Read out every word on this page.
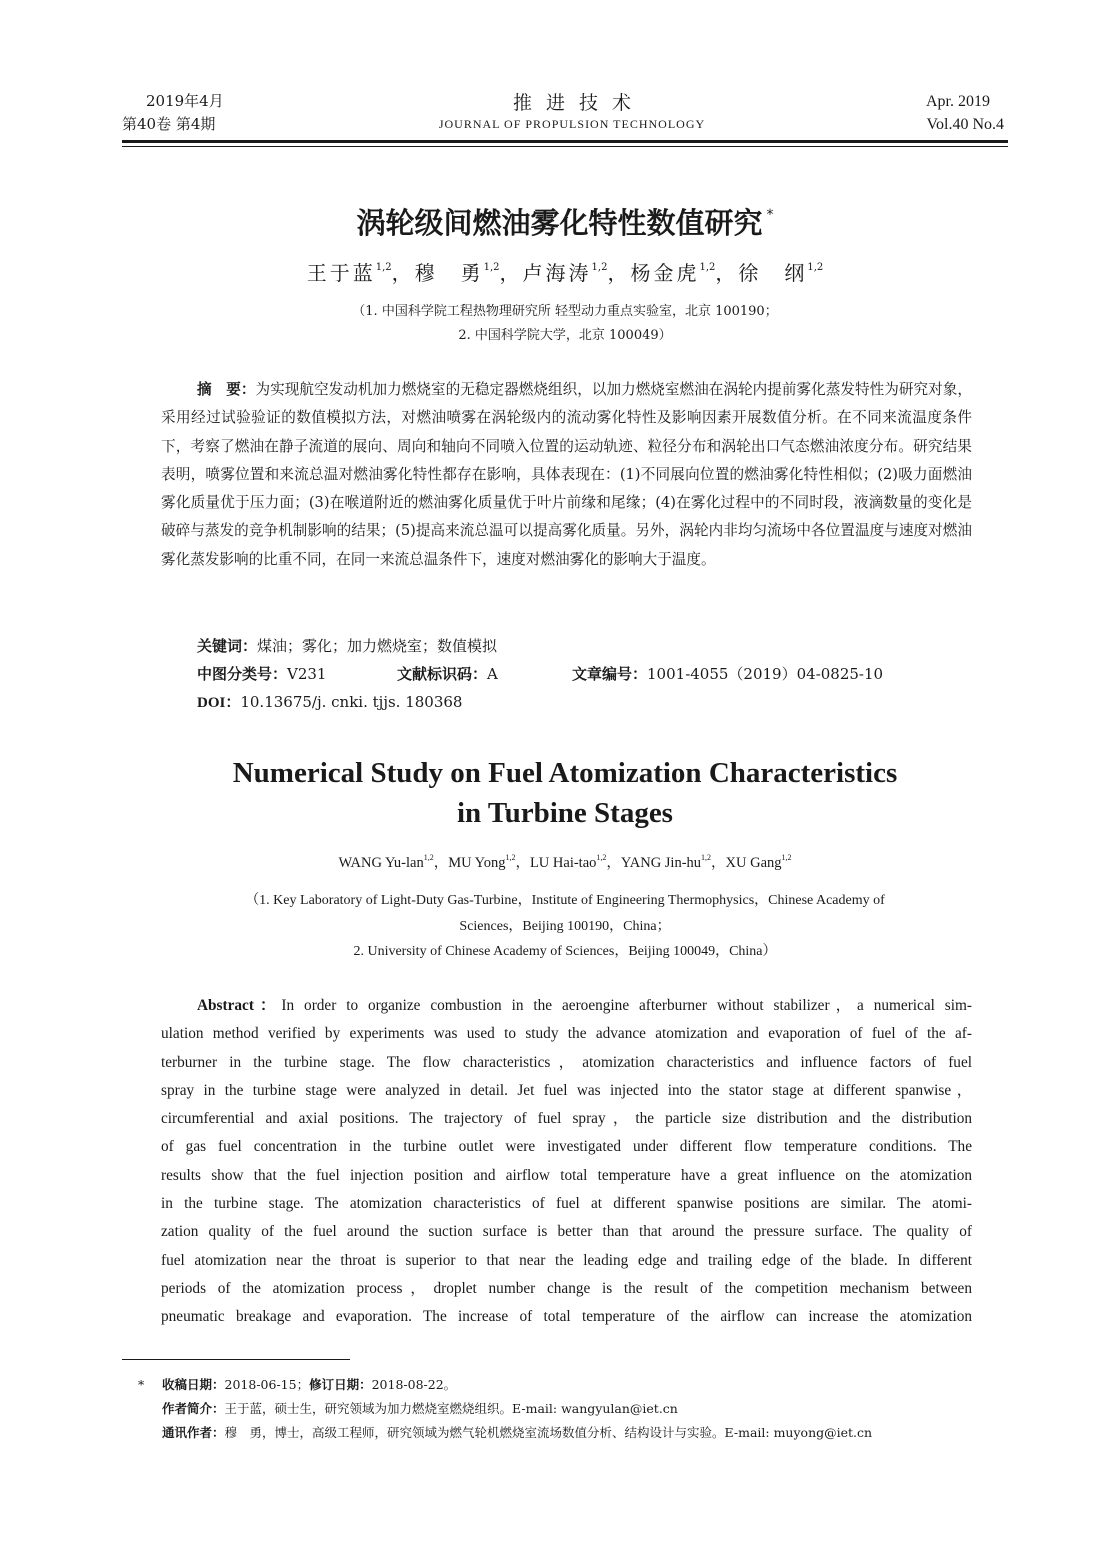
2019年4月
第40卷 第4期
推进技术
JOURNAL OF PROPULSION TECHNOLOGY
Apr. 2019
Vol.40 No.4
涡轮级间燃油雾化特性数值研究 *
王于蓝$^{1,2}$，穆　勇$^{1,2}$，卢海涛$^{1,2}$，杨金虎$^{1,2}$，徐　纲$^{1,2}$
（1. 中国科学院工程热物理研究所 轻型动力重点实验室，北京 100190；
2. 中国科学院大学，北京 100049）
摘　要：为实现航空发动机加力燃烧室的无稳定器燃烧组织，以加力燃烧室燃油在涡轮内提前雾化蒸发特性为研究对象，采用经过试验验证的数值模拟方法，对燃油喷雾在涡轮级内的流动雾化特性及影响因素开展数值分析。在不同来流温度条件下，考察了燃油在静子流道的展向、周向和轴向不同喷入位置的运动轨迹、粒径分布和涡轮出口气态燃油浓度分布。研究结果表明，喷雾位置和来流总温对燃油雾化特性都存在影响，具体表现在：(1)不同展向位置的燃油雾化特性相似；(2)吸力面燃油雾化质量优于压力面；(3)在喉道附近的燃油雾化质量优于叶片前缘和尾缘；(4)在雾化过程中的不同时段，液滴数量的变化是破碎与蒸发的竞争机制影响的结果；(5)提高来流总温可以提高雾化质量。另外，涡轮内非均匀流场中各位置温度与速度对燃油雾化蒸发影响的比重不同，在同一来流总温条件下，速度对燃油雾化的影响大于温度。
关键词：煤油；雾化；加力燃烧室；数值模拟
中图分类号：V231	文献标识码：A	文章编号：1001-4055（2019）04-0825-10
DOI：10.13675/j. cnki. tjjs. 180368
Numerical Study on Fuel Atomization Characteristics
in Turbine Stages
WANG Yu-lan$^{1,2}$，MU Yong$^{1,2}$，LU Hai-tao$^{1,2}$，YANG Jin-hu$^{1,2}$，XU Gang$^{1,2}$
（1. Key Laboratory of Light-Duty Gas-Turbine，Institute of Engineering Thermophysics，Chinese Academy of
Sciences，Beijing 100190，China；
2. University of Chinese Academy of Sciences，Beijing 100049，China）
Abstract：In order to organize combustion in the aeroengine afterburner without stabilizer，a numerical sim-
ulation method verified by experiments was used to study the advance atomization and evaporation of fuel of the af-
terburner in the turbine stage. The flow characteristics，atomization characteristics and influence factors of fuel
spray in the turbine stage were analyzed in detail. Jet fuel was injected into the stator stage at different spanwise，
circumferential and axial positions. The trajectory of fuel spray，the particle size distribution and the distribution
of gas fuel concentration in the turbine outlet were investigated under different flow temperature conditions. The
results show that the fuel injection position and airflow total temperature have a great influence on the atomization
in the turbine stage. The atomization characteristics of fuel at different spanwise positions are similar. The atomi-
zation quality of the fuel around the suction surface is better than that around the pressure surface. The quality of
fuel atomization near the throat is superior to that near the leading edge and trailing edge of the blade. In different
periods of the atomization process，droplet number change is the result of the competition mechanism between
pneumatic breakage and evaporation. The increase of total temperature of the airflow can increase the atomization
* 收稿日期：2018-06-15；修订日期：2018-08-22。
作者简介：王于蓝，硕士生，研究领域为加力燃烧室燃烧组织。E-mail: wangyulan@iet.cn
通讯作者：穆　勇，博士，高级工程师，研究领域为燃气轮机燃烧室流场数值分析、结构设计与实验。E-mail: muyong@iet.cn
